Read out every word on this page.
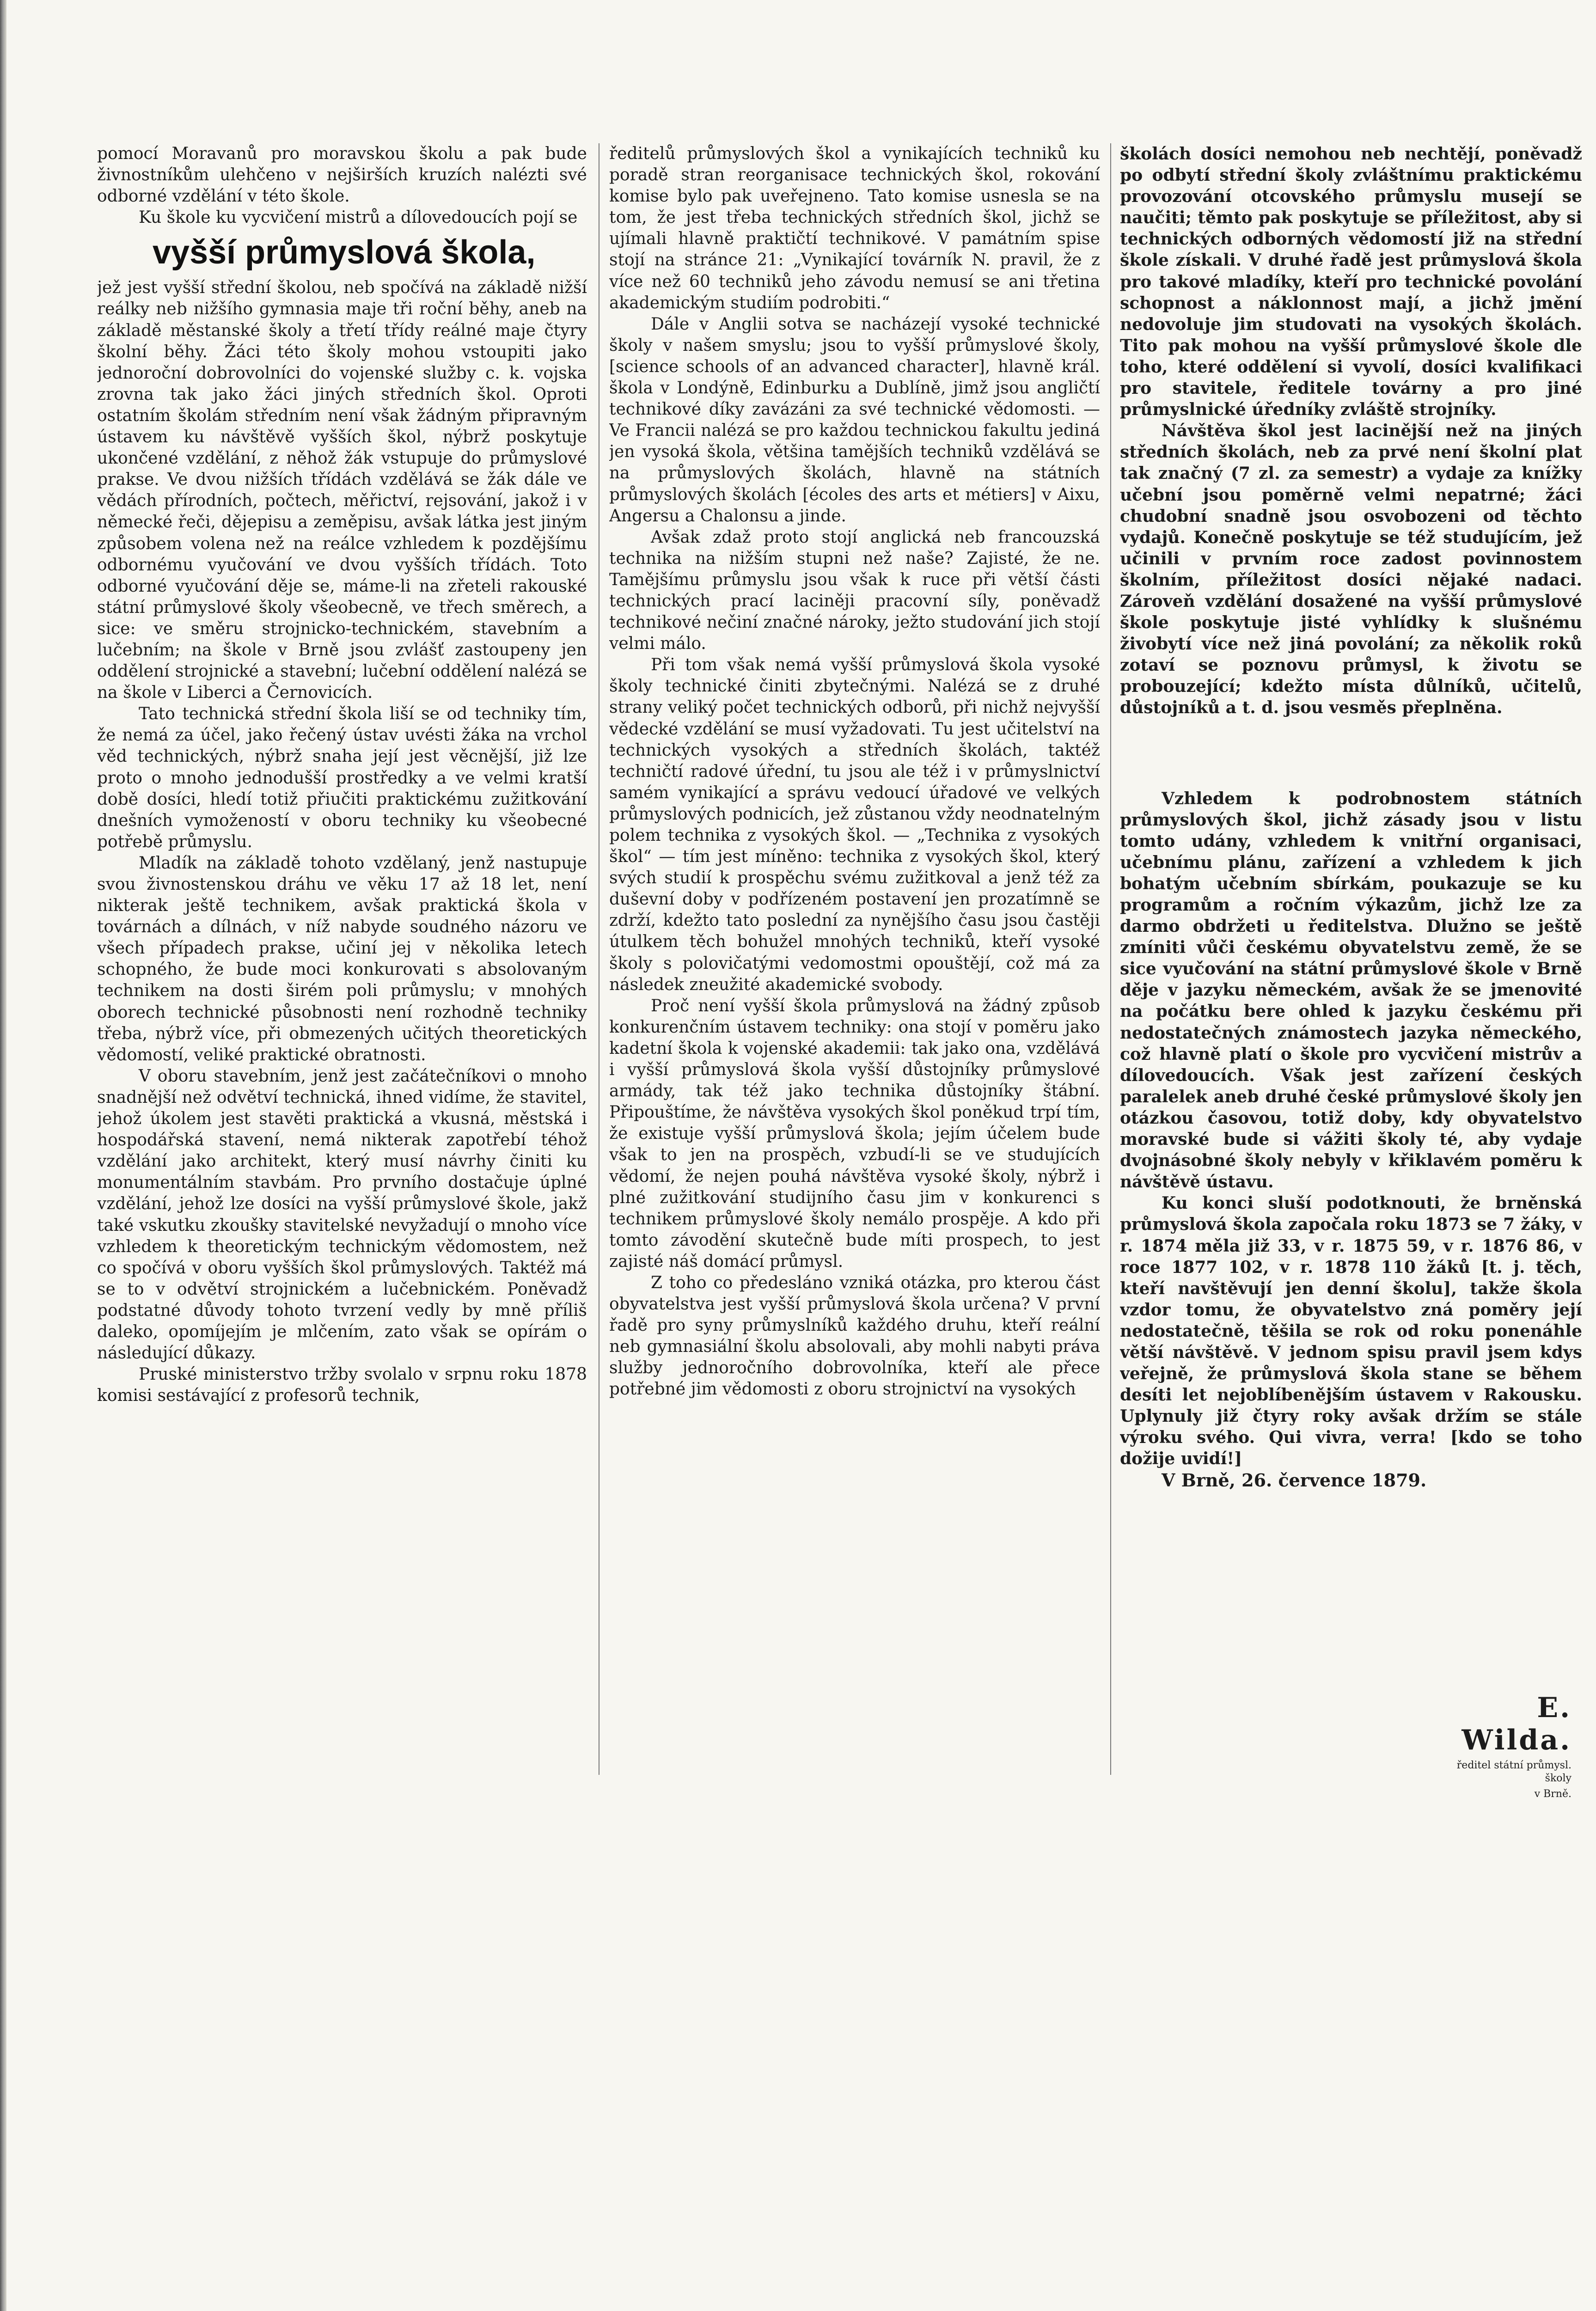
pomocí Moravanů pro moravskou školu a pak bude živnostníkům ulehčeno v nejširších kruzích nalézti své odborné vzdělání v této škole.

Ku škole ku vycvičení mistrů a dílovedoucích pojí se

vyšší průmyslová škola,

jež jest vyšší střední školou, neb spočívá na základě nižší reálky neb nižšího gymnasia maje tři roční běhy, aneb na základě městanské školy a třetí třídy reálné maje čtyry školní běhy. Žáci této školy mohou vstoupiti jako jednoroční dobrovolníci do vojenské služby c. k. vojska zrovna tak jako žáci jiných středních škol. Oproti ostatním školám středním není však žádným připravným ústavem ku návštěvě vyšších škol, nýbrž poskytuje ukončené vzdělání, z něhož žák vstupuje do průmyslové prakse. Ve dvou nižších třídách vzdělává se žák dále ve vědách přírodních, počtech, měřictví, rejsování, jakož i v německé řeči, dějepisu a zeměpisu, avšak látka jest jiným způsobem volena než na reálce vzhledem k pozdějšímu odbornému vyučování ve dvou vyšších třídách. Toto odborné vyučování děje se, máme-li na zřeteli rakouské státní průmyslové školy všeobecně, ve třech směrech, a sice: ve směru strojnicko-technickém, stavebním a lučebním; na škole v Brně jsou zvlášť zastoupeny jen oddělení strojnické a stavební; lučební oddělení nalézá se na škole v Liberci a Černovicích.

Tato technická střední škola liší se od techniky tím, že nemá za účel, jako řečený ústav uvésti žáka na vrchol věd technických, nýbrž snaha její jest věcnější, již lze proto o mnoho jednodušší prostředky a ve velmi kratší době dosíci, hledí totiž přiučiti praktickému zužitkování dnešních vymožeností v oboru techniky ku všeobecné potřebě průmyslu.

Mladík na základě tohoto vzdělaný, jenž nastupuje svou živnostenskou dráhu ve věku 17 až 18 let, není nikterak ještě technikem, avšak praktická škola v továrnách a dílnách, v níž nabyde soudného názoru ve všech případech prakse, učiní jej v několika letech schopného, že bude moci konkurovati s absolovaným technikem na dosti širém poli průmyslu; v mnohých oborech technické působnosti není rozhodně techniky třeba, nýbrž více, při obmezených učitých theoretických vědomostí, veliké praktické obratnosti.

V oboru stavebním, jenž jest začátečníkovi o mnoho snadnější než odvětví technická, ihned vidíme, že stavitel, jehož úkolem jest stavěti praktická a vkusná, městská i hospodářská stavení, nemá nikterak zapotřebí téhož vzdělání jako architekt, který musí návrhy činiti ku monumentálním stavbám. Pro prvního dostačuje úplné vzdělání, jehož lze dosíci na vyšší průmyslové škole, jakž také vskutku zkoušky stavitelské nevyžadují o mnoho více vzhledem k theoretickým technickým vědomostem, než co spočívá v oboru vyšších škol průmyslových. Taktéž má se to v odvětví strojnickém a lučebnickém. Poněvadž podstatné důvody tohoto tvrzení vedly by mně příliš daleko, opomíjejím je mlčením, zato však se opírám o následující důkazy.

Pruské ministerstvo tržby svolalo v srpnu roku 1878 komisi sestávající z profesorů technik,

ředitelů průmyslových škol a vynikajících techniků ku poradě stran reorganisace technických škol, rokování komise bylo pak uveřejneno. Tato komise usnesla se na tom, že jest třeba technických středních škol, jichž se ujímali hlavně praktičtí technikové. V památním spise stojí na stránce 21: „Vynikající továrník N. pravil, že z více než 60 techniků jeho závodu nemusí se ani třetina akademickým studiím podrobiti.“

Dále v Anglii sotva se nacházejí vysoké technické školy v našem smyslu; jsou to vyšší průmyslové školy, [science schools of an advanced character], hlavně král. škola v Londýně, Edinburku a Dublíně, jimž jsou angličtí technikové díky zavázáni za své technické vědomosti. — Ve Francii nalézá se pro každou technickou fakultu jediná jen vysoká škola, většina tamějších techniků vzdělává se na průmyslových školách, hlavně na státních průmyslových školách [écoles des arts et métiers] v Aixu, Angersu a Chalonsu a jinde.

Avšak zdaž proto stojí anglická neb francouzská technika na nižším stupni než naše? Zajisté, že ne. Tamějšímu průmyslu jsou však k ruce při větší části technických prací laciněji pracovní síly, poněvadž technikové nečiní značné nároky, ježto studování jich stojí velmi málo.

Při tom však nemá vyšší průmyslová škola vysoké školy technické činiti zbytečnými. Nalézá se z druhé strany veliký počet technických odborů, při nichž nejvyšší vědecké vzdělání se musí vyžadovati. Tu jest učitelství na technických vysokých a středních školách, taktéž techničtí radové úřední, tu jsou ale též i v průmyslnictví samém vynikající a správu vedoucí úřadové ve velkých průmyslových podnicích, jež zůstanou vždy neodnatelným polem technika z vysokých škol. — „Technika z vysokých škol“ — tím jest míněno: technika z vysokých škol, který svých studií k prospěchu svému zužitkoval a jenž též za duševní doby v podřízeném postavení jen prozatímně se zdrží, kdežto tato poslední za nynějšího času jsou častěji útulkem těch bohužel mnohých techniků, kteří vysoké školy s polovičatými vedomostmi opouštějí, což má za následek zneužité akademické svobody.

Proč není vyšší škola průmyslová na žádný způsob konkurenčním ústavem techniky: ona stojí v poměru jako kadetní škola k vojenské akademii: tak jako ona, vzdělává i vyšší průmyslová škola vyšší důstojníky průmyslové armády, tak též jako technika důstojníky štábní. Připouštíme, že návštěva vysokých škol poněkud trpí tím, že existuje vyšší průmyslová škola; jejím účelem bude však to jen na prospěch, vzbudí-li se ve studujících vědomí, že nejen pouhá návštěva vysoké školy, nýbrž i plné zužitkování studijního času jim v konkurenci s technikem průmyslové školy nemálo prospěje. A kdo při tomto závodění skutečně bude míti prospech, to jest zajisté náš domácí průmysl.

Z toho co předesláno vzniká otázka, pro kterou část obyvatelstva jest vyšší průmyslová škola určena? V první řadě pro syny průmyslníků každého druhu, kteří reální neb gymnasiální školu absolovali, aby mohli nabyti práva služby jednoročního dobrovolníka, kteří ale přece potřebné jim vědomosti z oboru strojnictví na vysokých

školách dosíci nemohou neb nechtějí, poněvadž po odbytí střední školy zvláštnímu praktickému provozování otcovského průmyslu musejí se naučiti; těmto pak poskytuje se příležitost, aby si technických odborných vědomostí již na střední škole získali. V druhé řadě jest průmyslová škola pro takové mladíky, kteří pro technické povolání schopnost a náklonnost mají, a jichž jmění nedovoluje jim studovati na vysokých školách. Tito pak mohou na vyšší průmyslové škole dle toho, které oddělení si vyvolí, dosíci kvalifikaci pro stavitele, ředitele továrny a pro jiné průmyslnické úředníky zvláště strojníky.

Návštěva škol jest lacinější než na jiných středních školách, neb za prvé není školní plat tak značný (7 zl. za semestr) a vydaje za knížky učební jsou poměrně velmi nepatrné; žáci chudobní snadně jsou osvobozeni od těchto vydajů. Konečně poskytuje se též studujícím, jež učinili v prvním roce zadost povinnostem školním, příležitost dosíci nějaké nadaci. Zároveň vzdělání dosažené na vyšší průmyslové škole poskytuje jisté vyhlídky k slušnému živobytí více než jiná povolání; za několik roků zotaví se poznovu průmysl, k životu se probouzející; kdežto místa důlníků, učitelů, důstojníků a t. d. jsou vesměs přeplněna.

Vzhledem k podrobnostem státních průmyslových škol, jichž zásady jsou v listu tomto udány, vzhledem k vnitřní organisaci, učebnímu plánu, zařízení a vzhledem k jich bohatým učebním sbírkám, poukazuje se ku programům a ročním výkazům, jichž lze za darmo obdržeti u ředitelstva. Dlužno se ještě zmíniti vůči českému obyvatelstvu země, že se sice vyučování na státní průmyslové škole v Brně děje v jazyku německém, avšak že se jmenovité na počátku bere ohled k jazyku českému při nedostatečných známostech jazyka německého, což hlavně platí o škole pro vycvičení mistrův a dílovedoucích. Však jest zařízení českých paralelek aneb druhé české průmyslové školy jen otázkou časovou, totiž doby, kdy obyvatelstvo moravské bude si vážiti školy té, aby vydaje dvojnásobné školy nebyly v křiklavém poměru k návštěvě ústavu.

Ku konci sluší podotknouti, že brněnská průmyslová škola započala roku 1873 se 7 žáky, v r. 1874 měla již 33, v r. 1875 59, v r. 1876 86, v roce 1877 102, v r. 1878 110 žáků [t. j. těch, kteří navštěvují jen denní školu], takže škola vzdor tomu, že obyvatelstvo zná poměry její nedostatečně, těšila se rok od roku ponenáhle větší návštěvě. V jednom spisu pravil jsem kdys veřejně, že průmyslová škola stane se během desíti let nejoblíbenějším ústavem v Rakousku. Uplynuly již čtyry roky avšak držím se stále výroku svého. Qui vivra, verra! [kdo se toho dožije uvidí!]

V Brně, 26. července 1879.

E. Wilda.
ředitel státní průmysl. školy
v Brně.
